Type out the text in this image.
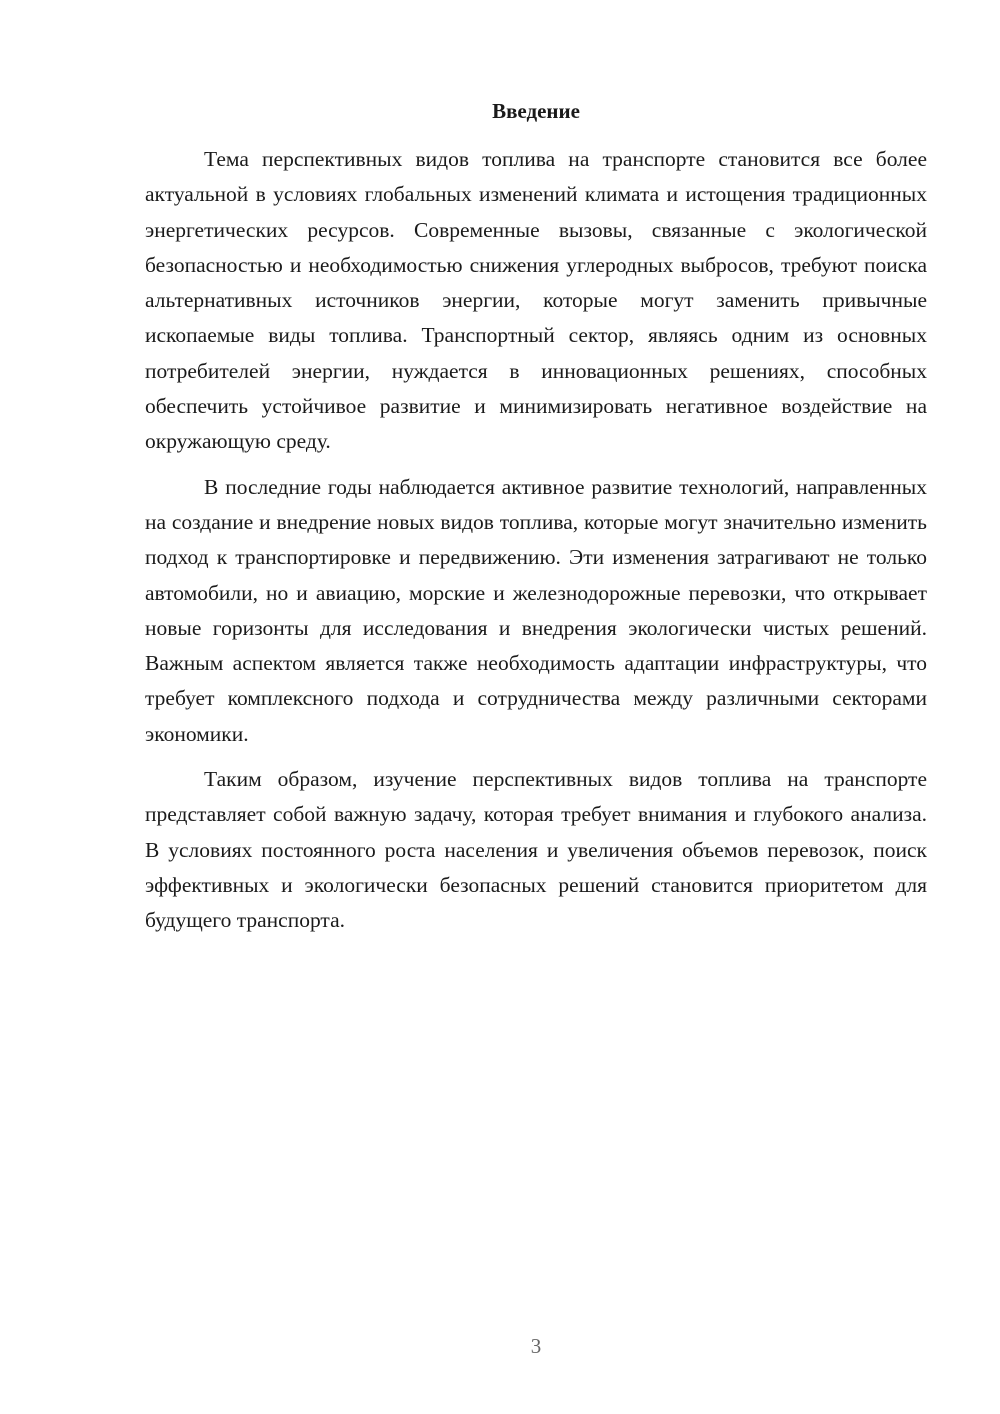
Введение

Тема перспективных видов топлива на транспорте становится все более актуальной в условиях глобальных изменений климата и истощения традиционных энергетических ресурсов. Современные вызовы, связанные с экологической безопасностью и необходимостью снижения углеродных выбросов, требуют поиска альтернативных источников энергии, которые могут заменить привычные ископаемые виды топлива. Транспортный сектор, являясь одним из основных потребителей энергии, нуждается в инновационных решениях, способных обеспечить устойчивое развитие и минимизировать негативное воздействие на окружающую среду.

В последние годы наблюдается активное развитие технологий, направленных на создание и внедрение новых видов топлива, которые могут значительно изменить подход к транспортировке и передвижению. Эти изменения затрагивают не только автомобили, но и авиацию, морские и железнодорожные перевозки, что открывает новые горизонты для исследования и внедрения экологически чистых решений. Важным аспектом является также необходимость адаптации инфраструктуры, что требует комплексного подхода и сотрудничества между различными секторами экономики.

Таким образом, изучение перспективных видов топлива на транспорте представляет собой важную задачу, которая требует внимания и глубокого анализа. В условиях постоянного роста населения и увеличения объемов перевозок, поиск эффективных и экологически безопасных решений становится приоритетом для будущего транспорта.

3
